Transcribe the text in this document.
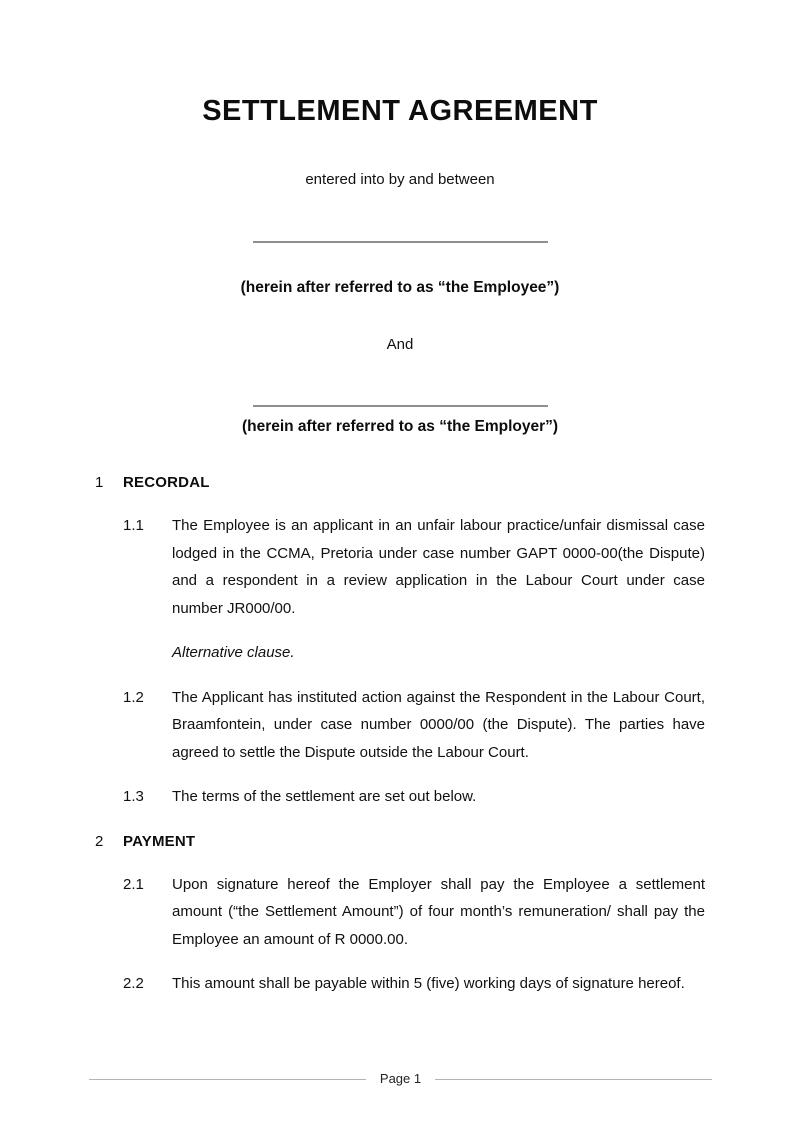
SETTLEMENT AGREEMENT
entered into by and between
(herein after referred to as “the Employee”)
And
(herein after referred to as “the Employer”)
1	RECORDAL
1.1	The Employee is an applicant in an unfair labour practice/unfair dismissal case lodged in the CCMA, Pretoria under case number GAPT 0000-00(the Dispute) and a respondent in a review application in the Labour Court under case number JR000/00.

Alternative clause.

1.2	The Applicant has instituted action against the Respondent in the Labour Court, Braamfontein, under case number 0000/00 (the Dispute). The parties have agreed to settle the Dispute outside the Labour Court.

1.3	The terms of the settlement are set out below.

2	PAYMENT
2.1	Upon signature hereof the Employer shall pay the Employee a settlement amount (“the Settlement Amount”) of four month’s remuneration/ shall pay the Employee an amount of R 0000.00.

2.2	This amount shall be payable within 5 (five) working days of signature hereof.

Page 1
